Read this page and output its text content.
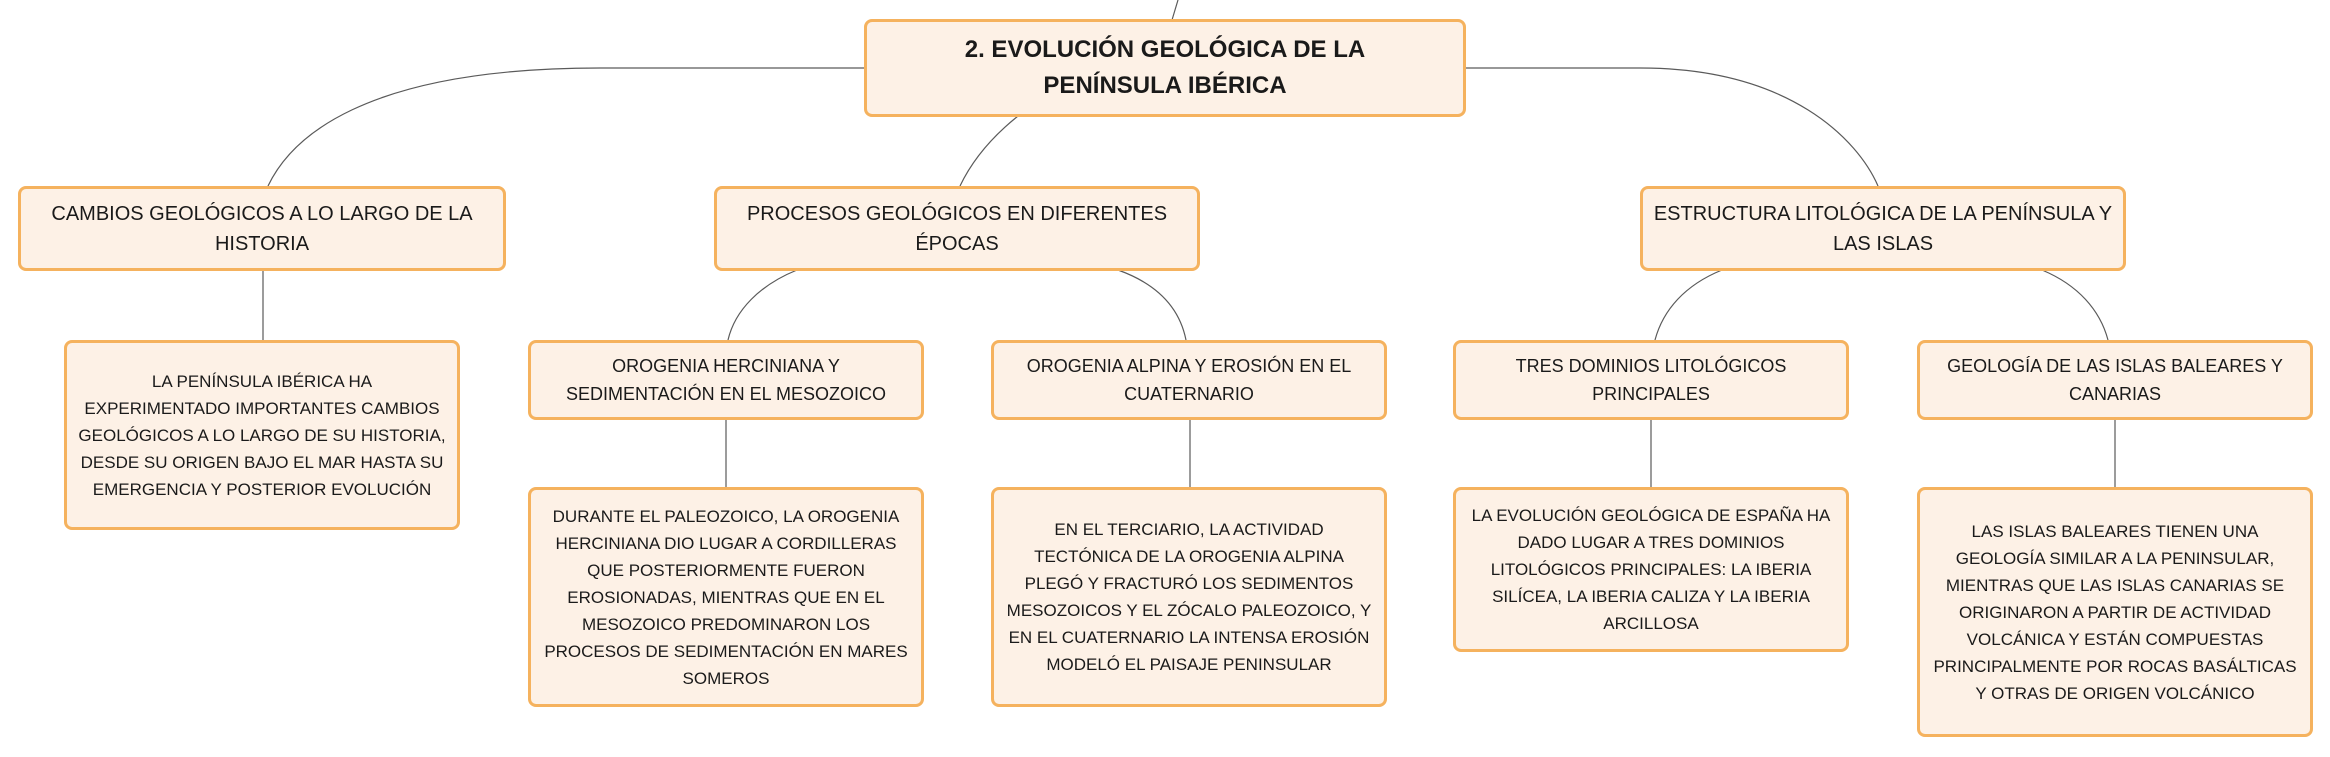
2. EVOLUCIÓN GEOLÓGICA DE LA PENÍNSULA IBÉRICA
CAMBIOS GEOLÓGICOS A LO LARGO DE LA HISTORIA
PROCESOS GEOLÓGICOS EN DIFERENTES ÉPOCAS
ESTRUCTURA LITOLÓGICA DE LA PENÍNSULA Y LAS ISLAS
LA PENÍNSULA IBÉRICA HA EXPERIMENTADO IMPORTANTES CAMBIOS GEOLÓGICOS A LO LARGO DE SU HISTORIA, DESDE SU ORIGEN BAJO EL MAR HASTA SU EMERGENCIA Y POSTERIOR EVOLUCIÓN
OROGENIA HERCINIANA Y SEDIMENTACIÓN EN EL MESOZOICO
OROGENIA ALPINA Y EROSIÓN EN EL CUATERNARIO
TRES DOMINIOS LITOLÓGICOS PRINCIPALES
GEOLOGÍA DE LAS ISLAS BALEARES Y CANARIAS
DURANTE EL PALEOZOICO, LA OROGENIA HERCINIANA DIO LUGAR A CORDILLERAS QUE POSTERIORMENTE FUERON EROSIONADAS, MIENTRAS QUE EN EL MESOZOICO PREDOMINARON LOS PROCESOS DE SEDIMENTACIÓN EN MARES SOMEROS
EN EL TERCIARIO, LA ACTIVIDAD TECTÓNICA DE LA OROGENIA ALPINA PLEGÓ Y FRACTURÓ LOS SEDIMENTOS MESOZOICOS Y EL ZÓCALO PALEOZOICO, Y EN EL CUATERNARIO LA INTENSA EROSIÓN MODELÓ EL PAISAJE PENINSULAR
LA EVOLUCIÓN GEOLÓGICA DE ESPAÑA HA DADO LUGAR A TRES DOMINIOS LITOLÓGICOS PRINCIPALES: LA IBERIA SILÍCEA, LA IBERIA CALIZA Y LA IBERIA ARCILLOSA
LAS ISLAS BALEARES TIENEN UNA GEOLOGÍA SIMILAR A LA PENINSULAR, MIENTRAS QUE LAS ISLAS CANARIAS SE ORIGINARON A PARTIR DE ACTIVIDAD VOLCÁNICA Y ESTÁN COMPUESTAS PRINCIPALMENTE POR ROCAS BASÁLTICAS Y OTRAS DE ORIGEN VOLCÁNICO
